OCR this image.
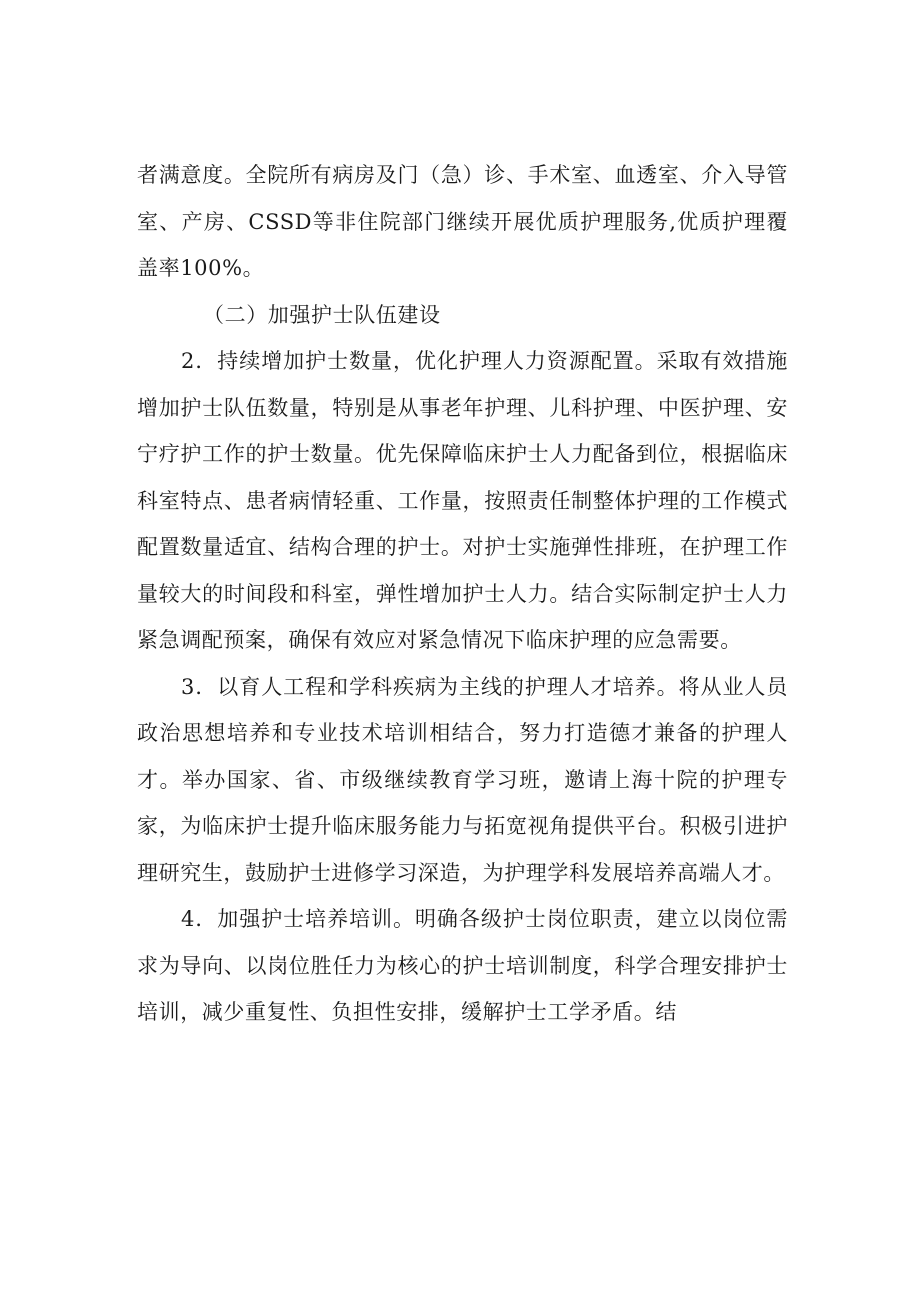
者满意度。全院所有病房及门（急）诊、手术室、血透室、介入导管室、产房、CSSD等非住院部门继续开展优质护理服务,优质护理覆盖率100%。

（二）加强护士队伍建设

2．持续增加护士数量，优化护理人力资源配置。采取有效措施增加护士队伍数量，特别是从事老年护理、儿科护理、中医护理、安宁疗护工作的护士数量。优先保障临床护士人力配备到位，根据临床科室特点、患者病情轻重、工作量，按照责任制整体护理的工作模式配置数量适宜、结构合理的护士。对护士实施弹性排班，在护理工作量较大的时间段和科室，弹性增加护士人力。结合实际制定护士人力紧急调配预案，确保有效应对紧急情况下临床护理的应急需要。

3．以育人工程和学科疾病为主线的护理人才培养。将从业人员政治思想培养和专业技术培训相结合，努力打造德才兼备的护理人才。举办国家、省、市级继续教育学习班，邀请上海十院的护理专家，为临床护士提升临床服务能力与拓宽视角提供平台。积极引进护理研究生，鼓励护士进修学习深造，为护理学科发展培养高端人才。

4．加强护士培养培训。明确各级护士岗位职责，建立以岗位需求为导向、以岗位胜任力为核心的护士培训制度，科学合理安排护士培训，减少重复性、负担性安排，缓解护士工学矛盾。结
